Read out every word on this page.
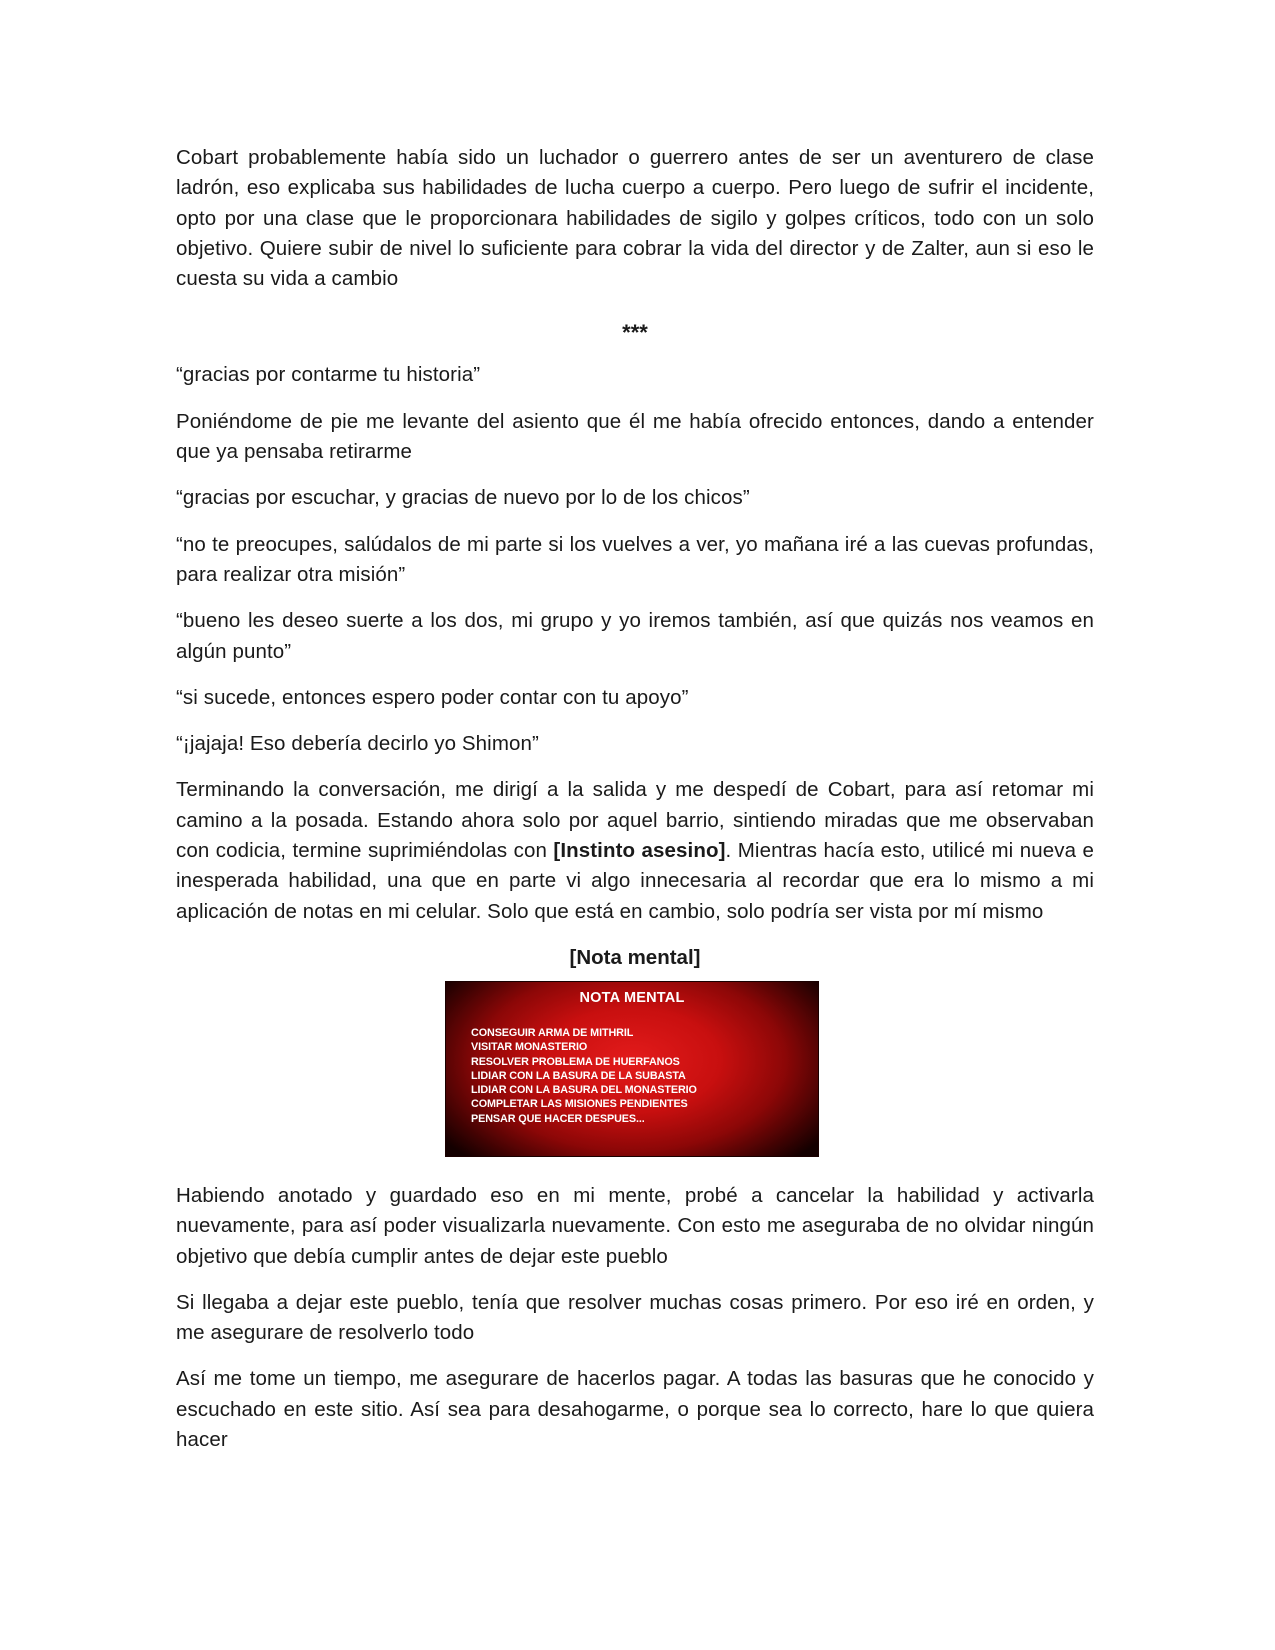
Cobart probablemente había sido un luchador o guerrero antes de ser un aventurero de clase ladrón, eso explicaba sus habilidades de lucha cuerpo a cuerpo. Pero luego de sufrir el incidente, opto por una clase que le proporcionara habilidades de sigilo y golpes críticos, todo con un solo objetivo. Quiere subir de nivel lo suficiente para cobrar la vida del director y de Zalter, aun si eso le cuesta su vida a cambio

***

“gracias por contarme tu historia”

Poniéndome de pie me levante del asiento que él me había ofrecido entonces, dando a entender que ya pensaba retirarme

“gracias por escuchar, y gracias de nuevo por lo de los chicos”

“no te preocupes, salúdalos de mi parte si los vuelves a ver, yo mañana iré a las cuevas profundas, para realizar otra misión”

“bueno les deseo suerte a los dos, mi grupo y yo iremos también, así que quizás nos veamos en algún punto”

“si sucede, entonces espero poder contar con tu apoyo”

“¡jajaja! Eso debería decirlo yo Shimon”

Terminando la conversación, me dirigí a la salida y me despedí de Cobart, para así retomar mi camino a la posada. Estando ahora solo por aquel barrio, sintiendo miradas que me observaban con codicia, termine suprimiéndolas con [Instinto asesino]. Mientras hacía esto, utilicé mi nueva e inesperada habilidad, una que en parte vi algo innecesaria al recordar que era lo mismo a mi aplicación de notas en mi celular. Solo que está en cambio, solo podría ser vista por mí mismo

[Nota mental]
NOTA MENTAL
CONSEGUIR ARMA DE MITHRIL
VISITAR MONASTERIO
RESOLVER PROBLEMA DE HUERFANOS
LIDIAR CON LA BASURA DE LA SUBASTA
LIDIAR CON LA BASURA DEL MONASTERIO
COMPLETAR LAS MISIONES PENDIENTES
PENSAR QUE HACER DESPUES...

Habiendo anotado y guardado eso en mi mente, probé a cancelar la habilidad y activarla nuevamente, para así poder visualizarla nuevamente. Con esto me aseguraba de no olvidar ningún objetivo que debía cumplir antes de dejar este pueblo

Si llegaba a dejar este pueblo, tenía que resolver muchas cosas primero. Por eso iré en orden, y me asegurare de resolverlo todo

Así me tome un tiempo, me asegurare de hacerlos pagar. A todas las basuras que he conocido y escuchado en este sitio. Así sea para desahogarme, o porque sea lo correcto, hare lo que quiera hacer
